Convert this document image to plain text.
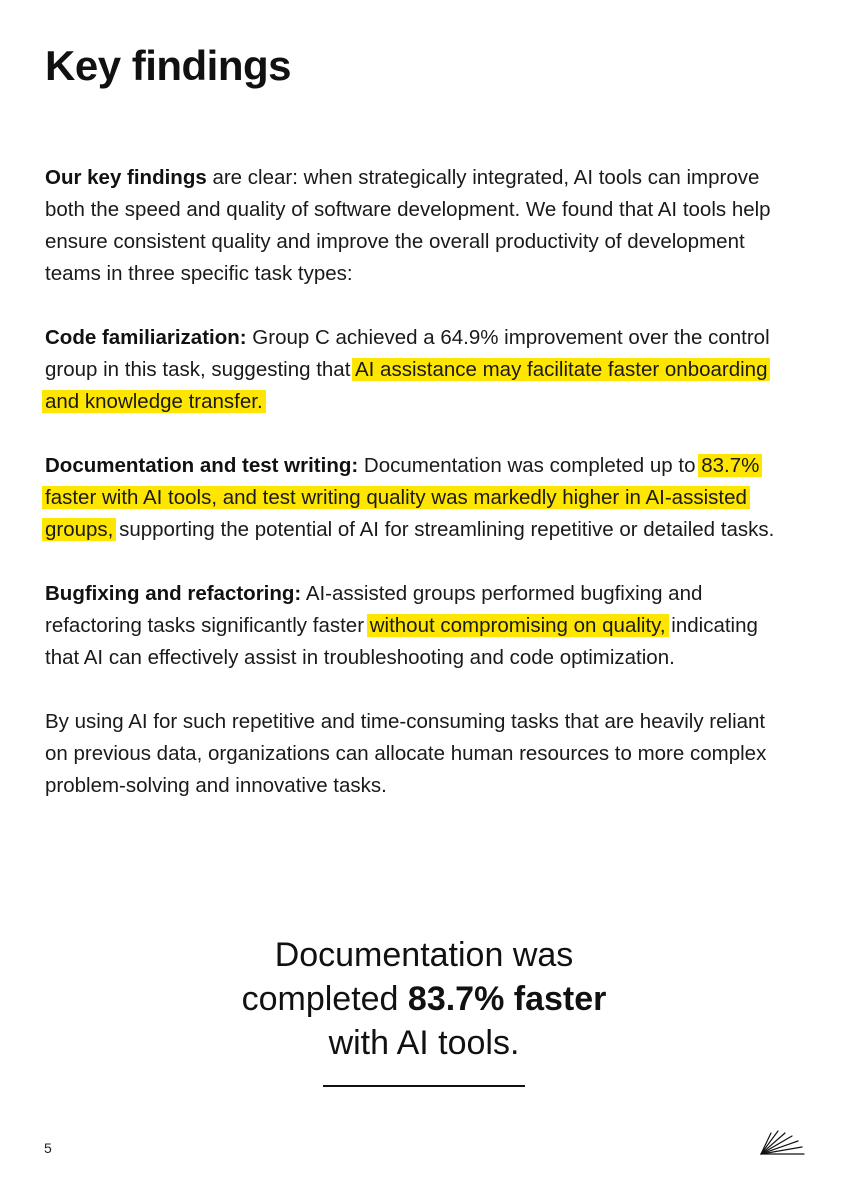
Key findings

Our key findings are clear: when strategically integrated, AI tools can improve both the speed and quality of software development. We found that AI tools help ensure consistent quality and improve the overall productivity of development teams in three specific task types:

Code familiarization: Group C achieved a 64.9% improvement over the control group in this task, suggesting that AI assistance may facilitate faster onboarding and knowledge transfer.

Documentation and test writing: Documentation was completed up to 83.7% faster with AI tools, and test writing quality was markedly higher in AI-assisted groups, supporting the potential of AI for streamlining repetitive or detailed tasks.

Bugfixing and refactoring: AI-assisted groups performed bugfixing and refactoring tasks significantly faster without compromising on quality, indicating that AI can effectively assist in troubleshooting and code optimization.

By using AI for such repetitive and time-consuming tasks that are heavily reliant on previous data, organizations can allocate human resources to more complex problem-solving and innovative tasks.

Documentation was
completed 83.7% faster
with AI tools.
5
